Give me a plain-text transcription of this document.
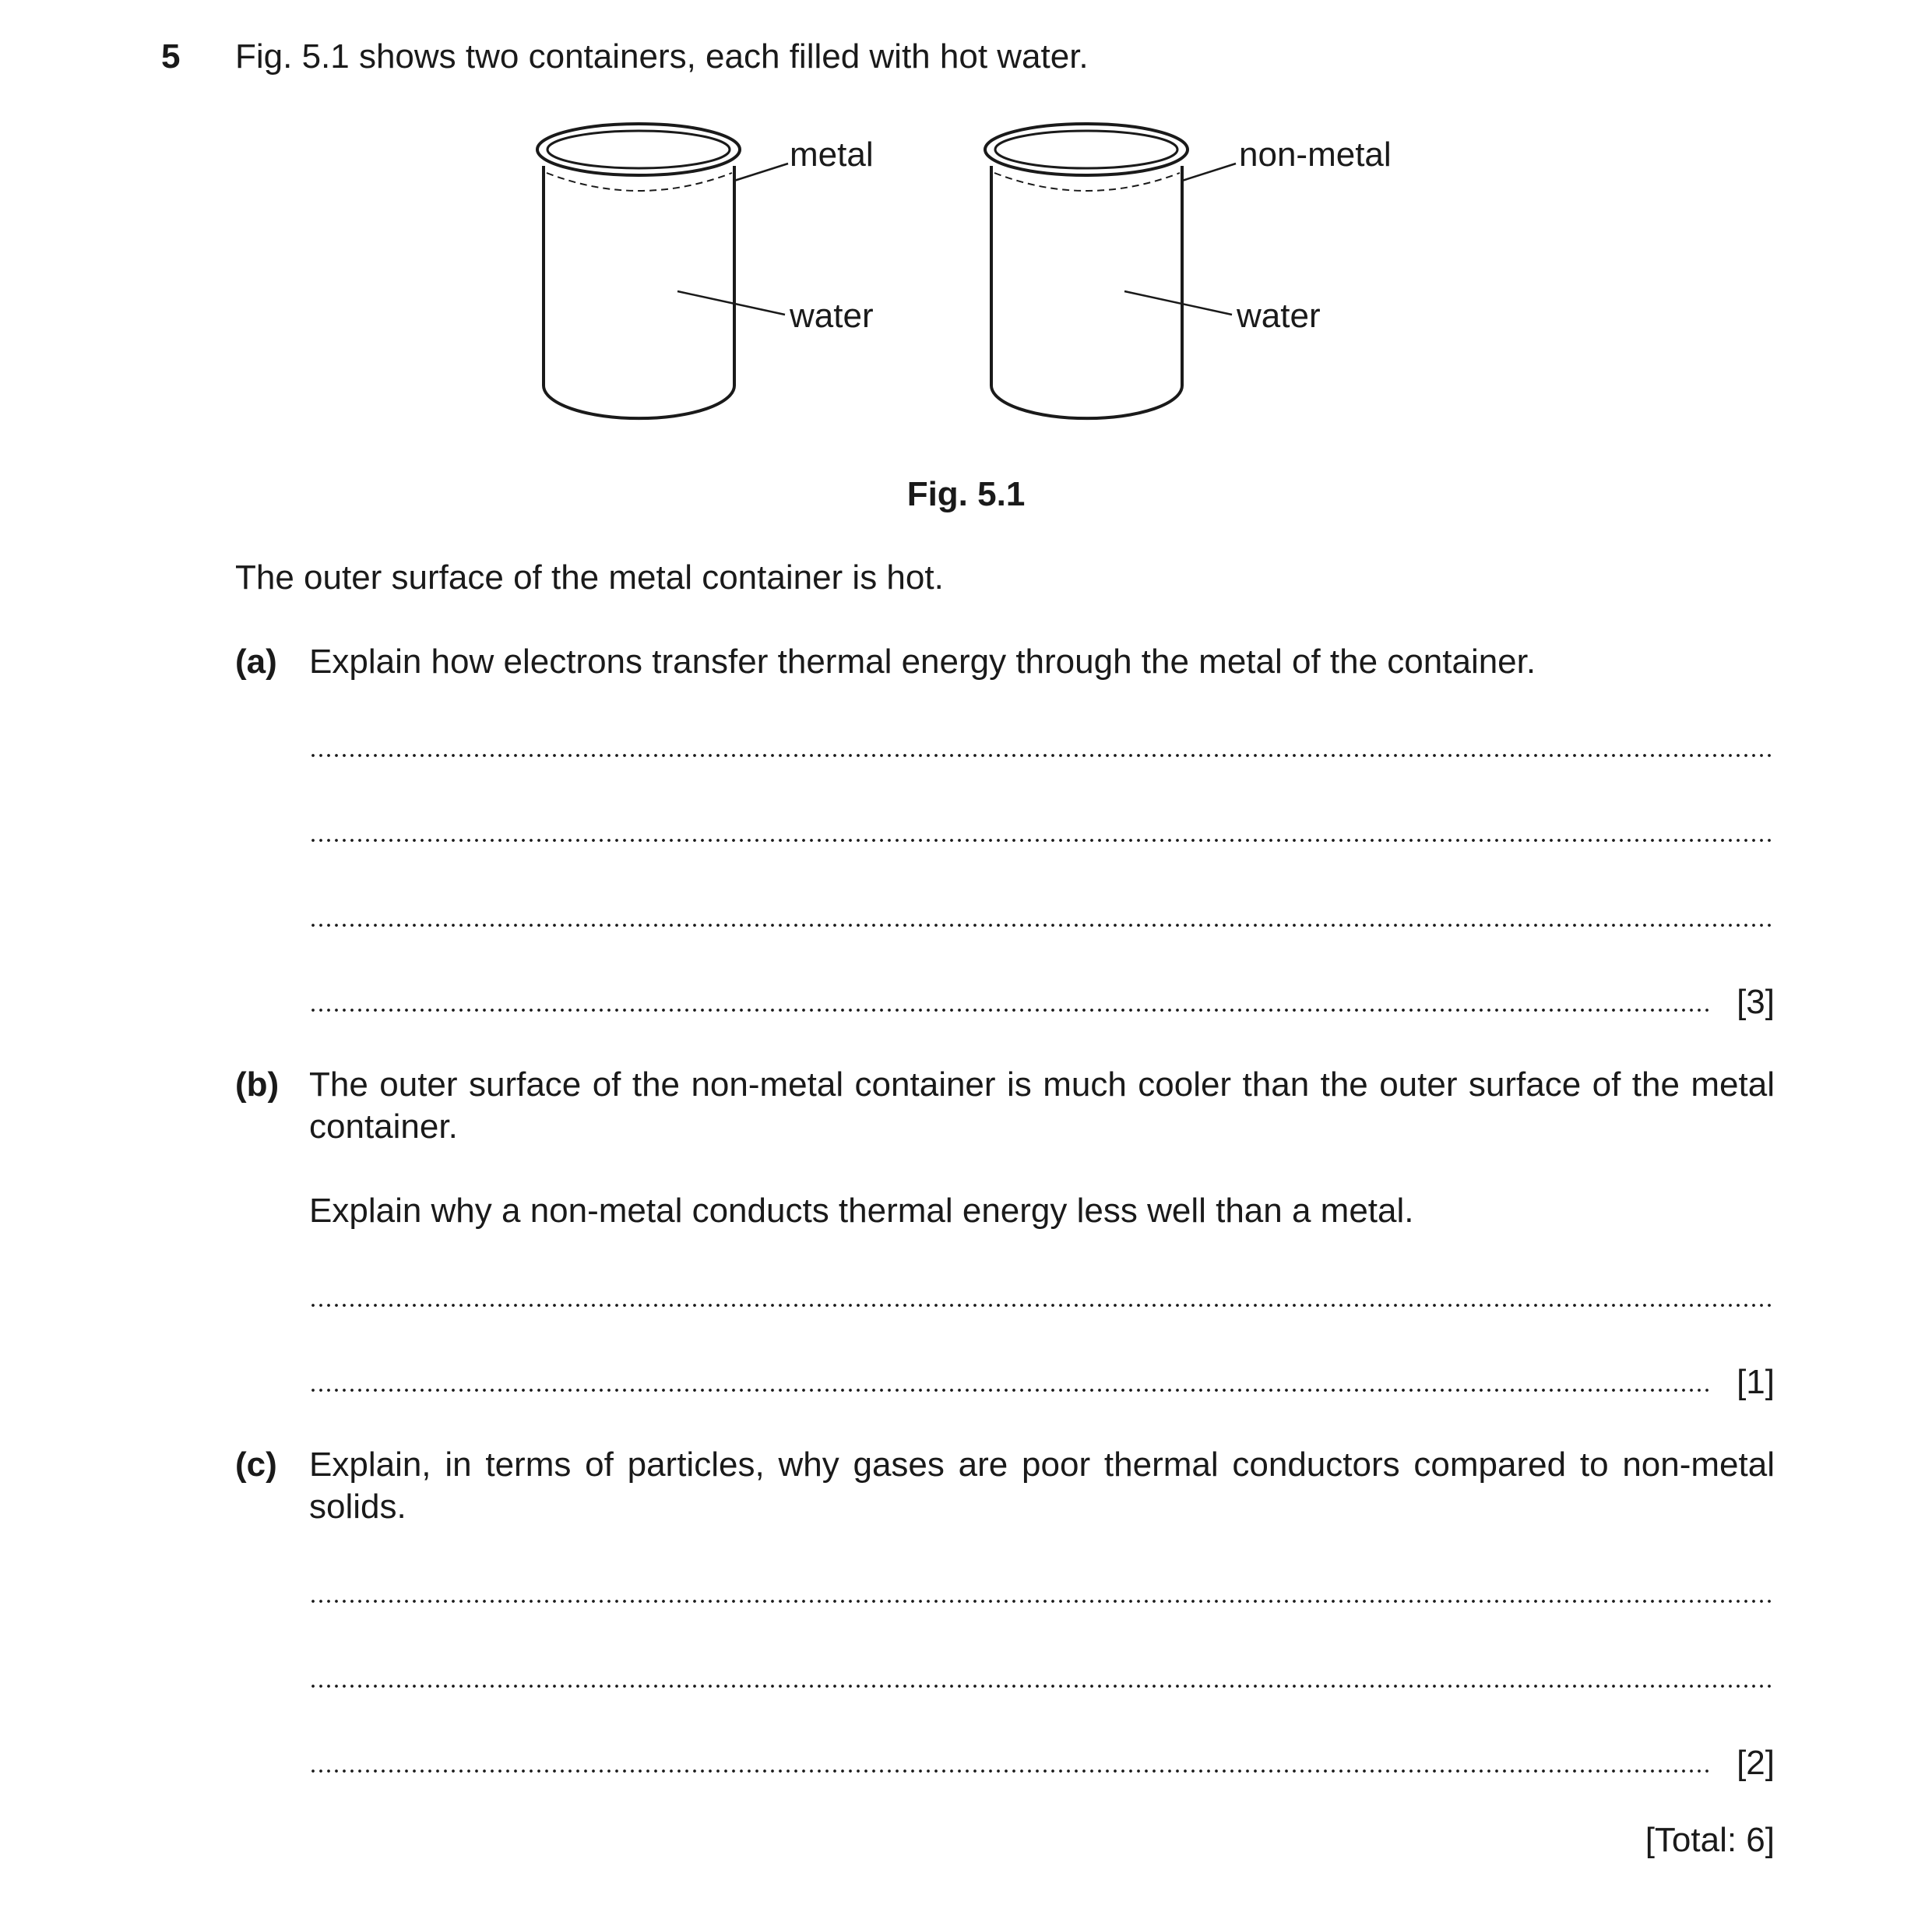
5 Fig. 5.1 shows two containers, each filled with hot water.
metal
water
non-metal
water
Fig. 5.1
The outer surface of the metal container is hot.
(a) Explain how electrons transfer thermal energy through the metal of the container.
[3]
(b) The outer surface of the non-metal container is much cooler than the outer surface of the metal container.
Explain why a non-metal conducts thermal energy less well than a metal.
[1]
(c) Explain, in terms of particles, why gases are poor thermal conductors compared to non-metal solids.
[2]
[Total: 6]
